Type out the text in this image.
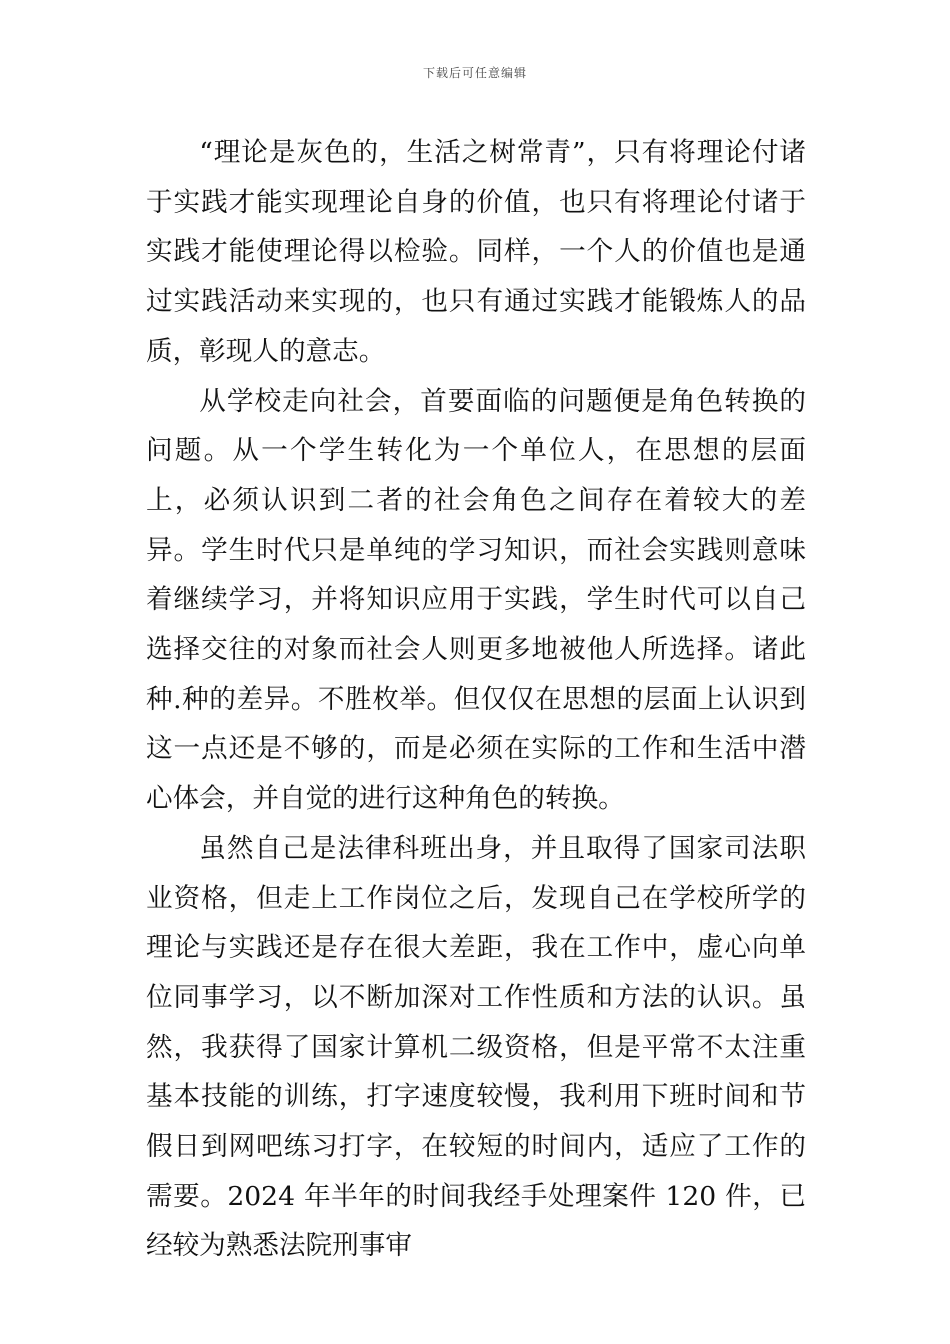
下载后可任意编辑

“理论是灰色的，生活之树常青”，只有将理论付诸于实践才能实现理论自身的价值，也只有将理论付诸于实践才能使理论得以检验。同样，一个人的价值也是通过实践活动来实现的，也只有通过实践才能锻炼人的品质，彰现人的意志。

从学校走向社会，首要面临的问题便是角色转换的问题。从一个学生转化为一个单位人，在思想的层面上，必须认识到二者的社会角色之间存在着较大的差异。学生时代只是单纯的学习知识，而社会实践则意味着继续学习，并将知识应用于实践，学生时代可以自己选择交往的对象而社会人则更多地被他人所选择。诸此种.种的差异。不胜枚举。但仅仅在思想的层面上认识到这一点还是不够的，而是必须在实际的工作和生活中潜心体会，并自觉的进行这种角色的转换。

虽然自己是法律科班出身，并且取得了国家司法职业资格，但走上工作岗位之后，发现自己在学校所学的理论与实践还是存在很大差距，我在工作中，虚心向单位同事学习，以不断加深对工作性质和方法的认识。虽然，我获得了国家计算机二级资格，但是平常不太注重基本技能的训练，打字速度较慢，我利用下班时间和节假日到网吧练习打字，在较短的时间内，适应了工作的需要。2024 年半年的时间我经手处理案件 120 件，已经较为熟悉法院刑事审
